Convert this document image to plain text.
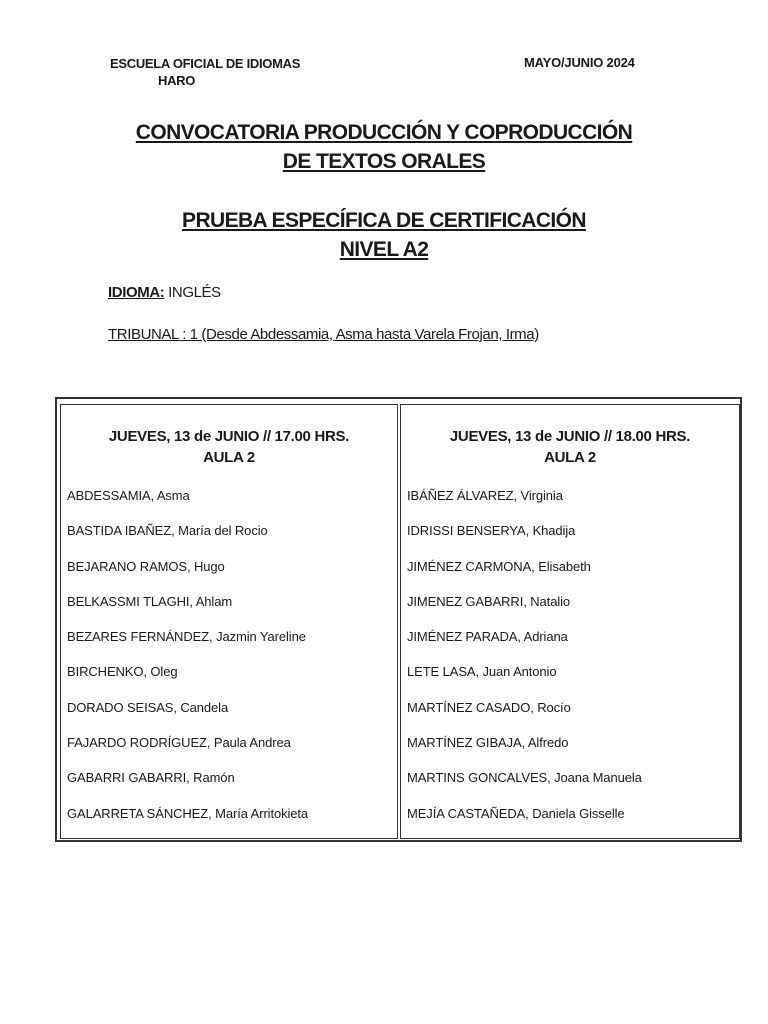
ESCUELA OFICIAL DE IDIOMAS
HARO
MAYO/JUNIO 2024
CONVOCATORIA PRODUCCIÓN Y COPRODUCCIÓN
DE TEXTOS ORALES
PRUEBA ESPECÍFICA DE CERTIFICACIÓN
NIVEL A2
IDIOMA: INGLÉS
TRIBUNAL : 1 (Desde Abdessamia, Asma hasta Varela Frojan, Irma)
JUEVES, 13 de JUNIO // 17.00 HRS.
AULA 2
ABDESSAMIA, Asma
BASTIDA IBAÑEZ, María del Rocio
BEJARANO RAMOS, Hugo
BELKASSMI TLAGHI, Ahlam
BEZARES FERNÁNDEZ, Jazmin Yareline
BIRCHENKO, Oleg
DORADO SEISAS, Candela
FAJARDO RODRÍGUEZ, Paula Andrea
GABARRI GABARRI, Ramón
GALARRETA SÁNCHEZ, María Arritokieta
JUEVES, 13 de JUNIO // 18.00 HRS.
AULA 2
IBÁÑEZ ÁLVAREZ, Virginia
IDRISSI BENSERYA, Khadija
JIMÉNEZ CARMONA, Elisabeth
JIMENEZ GABARRI, Natalio
JIMÉNEZ PARADA, Adriana
LETE LASA, Juan Antonio
MARTÍNEZ CASADO, Rocío
MARTÍNEZ GIBAJA, Alfredo
MARTINS GONCALVES, Joana Manuela
MEJÍA CASTAÑEDA, Daniela Gisselle
